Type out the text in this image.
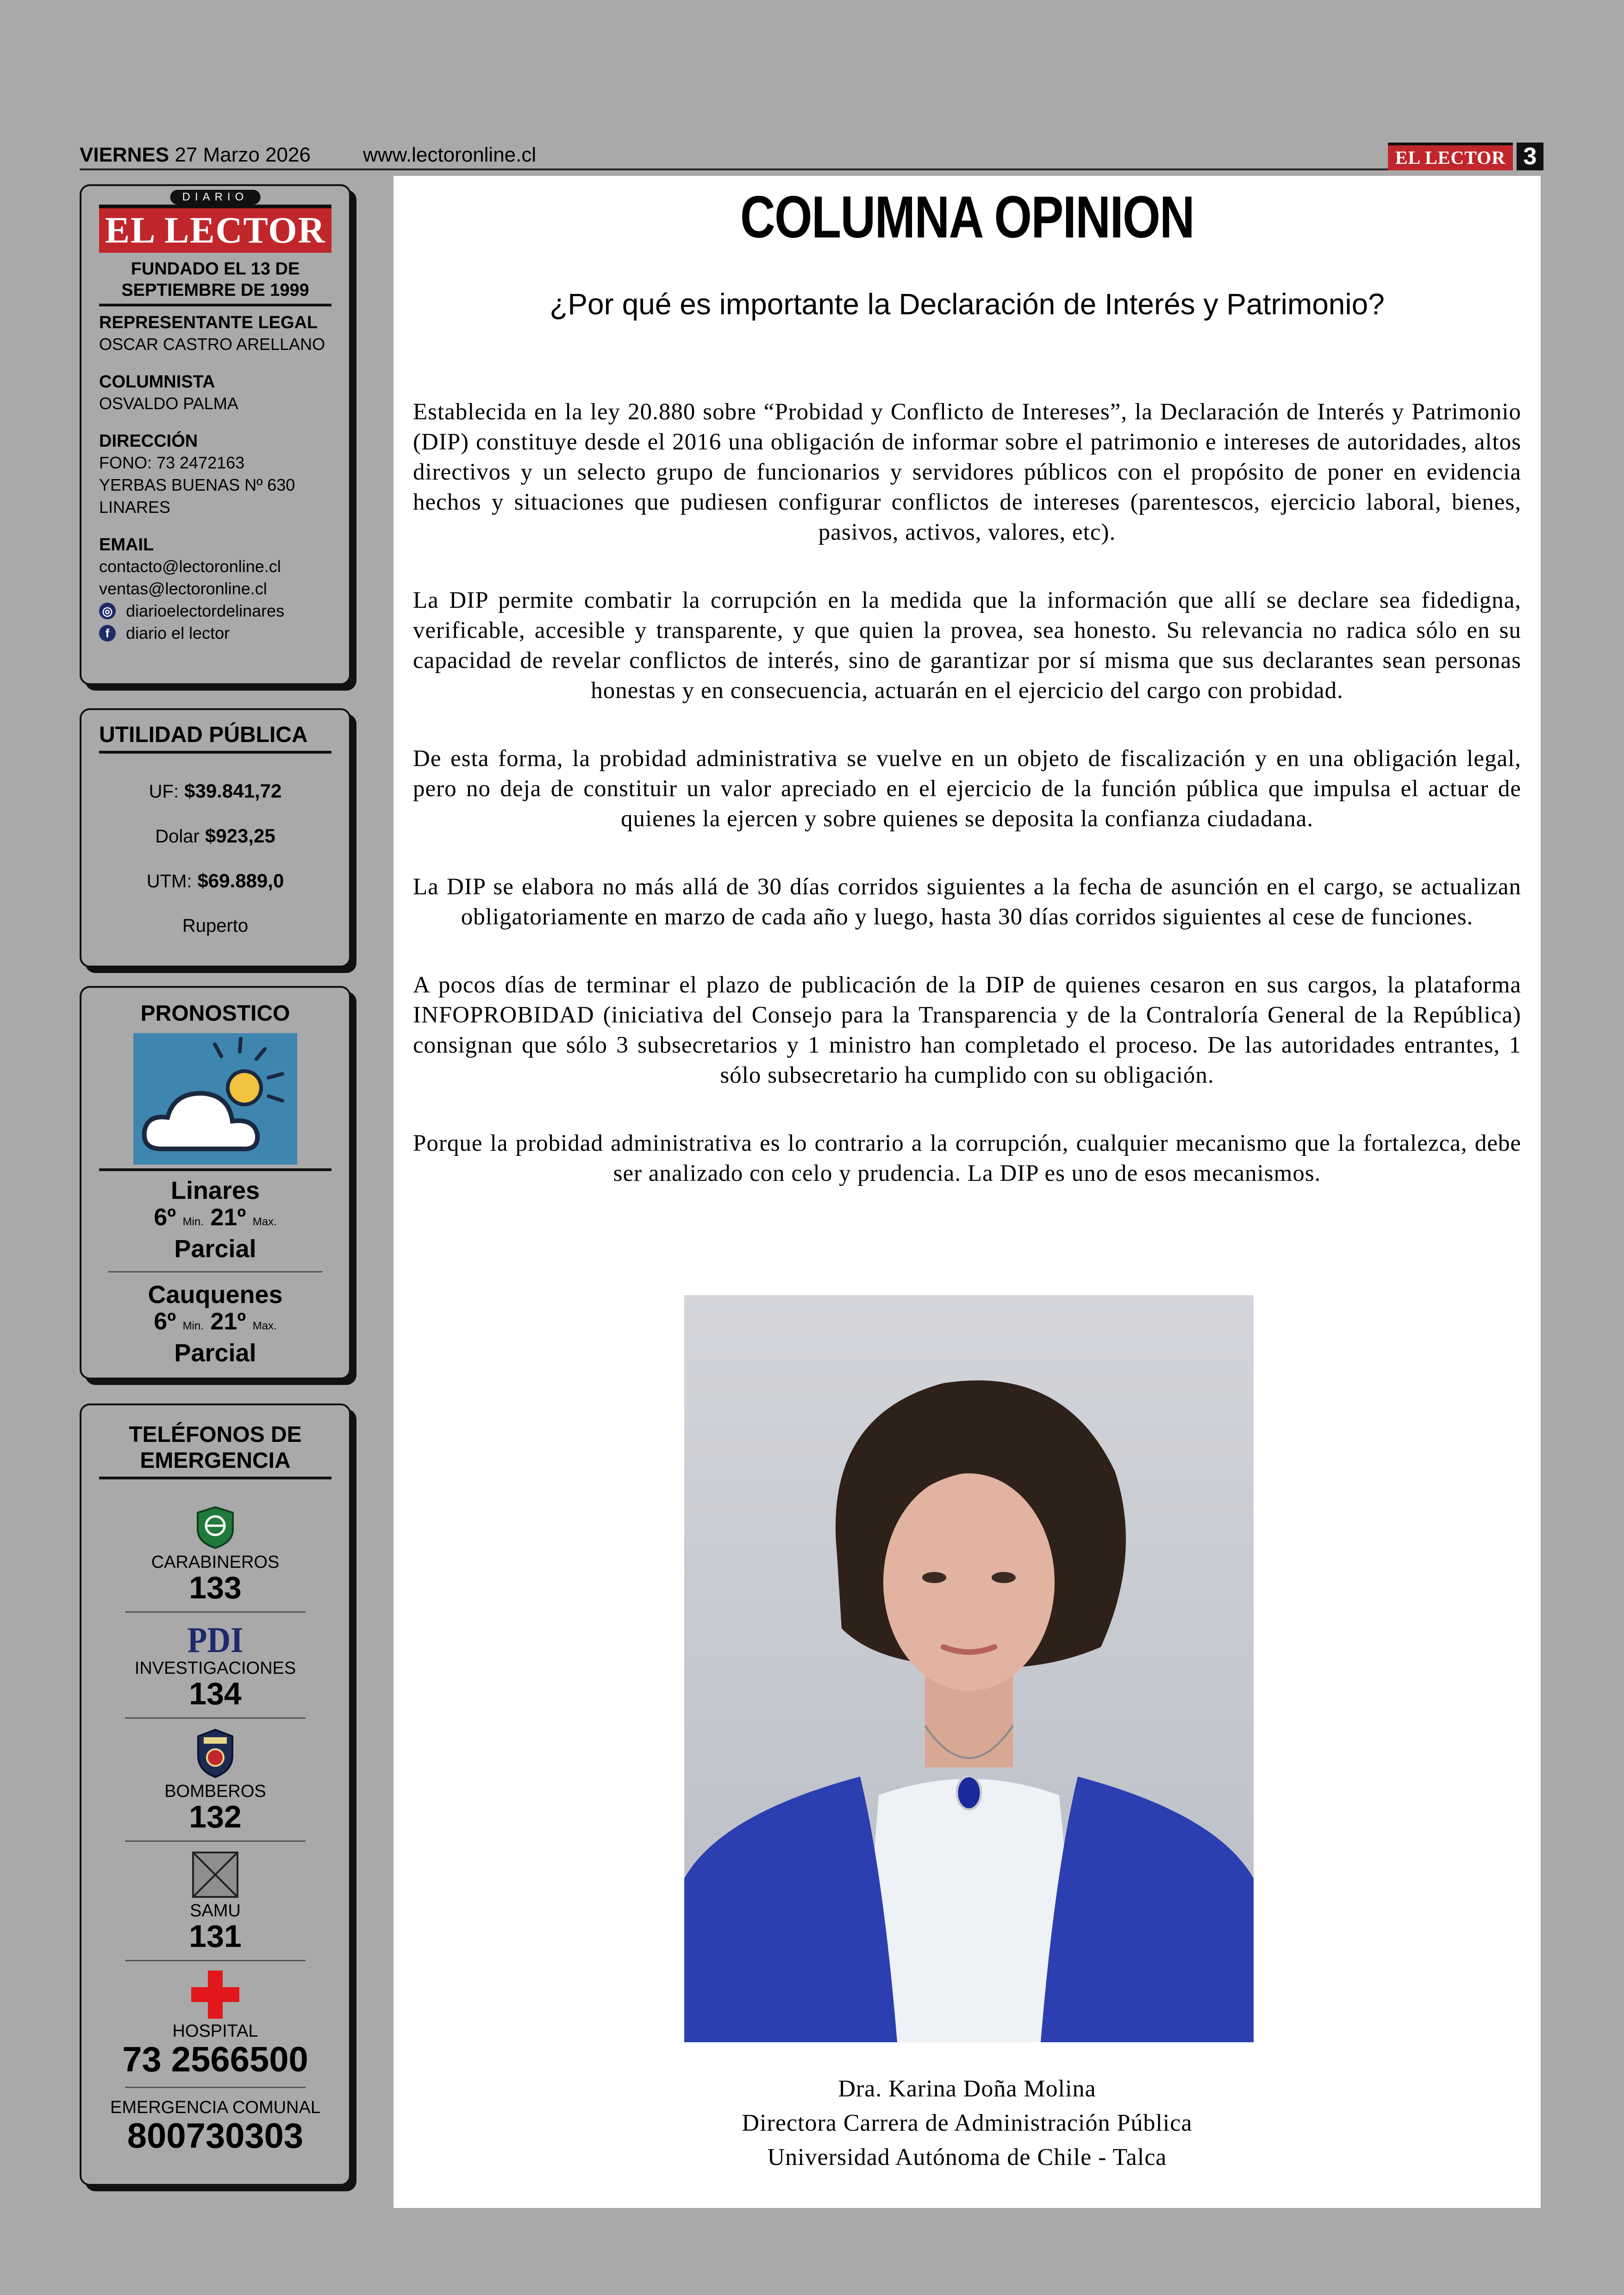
VIERNES 27 Marzo 2026	www.lectoronline.cl	EL LECTOR 3
DIARIO
EL LECTOR
FUNDADO EL 13 DE SEPTIEMBRE DE 1999
REPRESENTANTE LEGAL
OSCAR CASTRO ARELLANO
COLUMNISTA
OSVALDO PALMA
DIRECCIÓN
FONO: 73 2472163
YERBAS BUENAS Nº 630
LINARES
EMAIL
contacto@lectoronline.cl
ventas@lectoronline.cl
◎ diarioelectordelinares
f diario el lector
UTILIDAD PÚBLICA
UF: $39.841,72
Dolar $923,25
UTM: $69.889,0
Ruperto
PRONOSTICO
Linares
6º Min. 21º Max.
Parcial
Cauquenes
6º Min. 21º Max.
Parcial
TELÉFONOS DE EMERGENCIA
CARABINEROS
133
PDI
INVESTIGACIONES
134
BOMBEROS
132
SAMU
131
HOSPITAL
73 2566500
EMERGENCIA COMUNAL
800730303
COLUMNA OPINION
¿Por qué es importante la Declaración de Interés y Patrimonio?

Establecida en la ley 20.880 sobre “Probidad y Conflicto de Intereses”, la Declaración de Interés y Patrimonio (DIP) constituye desde el 2016 una obligación de informar sobre el patrimonio e intereses de autoridades, altos directivos y un selecto grupo de funcionarios y servidores públicos con el propósito de poner en evidencia hechos y situaciones que pudiesen configurar conflictos de intereses (parentescos, ejercicio laboral, bienes, pasivos, activos, valores, etc).

La DIP permite combatir la corrupción en la medida que la información que allí se declare sea fidedigna, verificable, accesible y transparente, y que quien la provea, sea honesto. Su relevancia no radica sólo en su capacidad de revelar conflictos de interés, sino de garantizar por sí misma que sus declarantes sean personas honestas y en consecuencia, actuarán en el ejercicio del cargo con probidad.

De esta forma, la probidad administrativa se vuelve en un objeto de fiscalización y en una obligación legal, pero no deja de constituir un valor apreciado en el ejercicio de la función pública que impulsa el actuar de quienes la ejercen y sobre quienes se deposita la confianza ciudadana.

La DIP se elabora no más allá de 30 días corridos siguientes a la fecha de asunción en el cargo, se actualizan obligatoriamente en marzo de cada año y luego, hasta 30 días corridos siguientes al cese de funciones.

A pocos días de terminar el plazo de publicación de la DIP de quienes cesaron en sus cargos, la plataforma INFOPROBIDAD (iniciativa del Consejo para la Transparencia y de la Contraloría General de la República) consignan que sólo 3 subsecretarios y 1 ministro han completado el proceso. De las autoridades entrantes, 1 sólo subsecretario ha cumplido con su obligación.

Porque la probidad administrativa es lo contrario a la corrupción, cualquier mecanismo que la fortalezca, debe ser analizado con celo y prudencia. La DIP es uno de esos mecanismos.

Dra. Karina Doña Molina
Directora Carrera de Administración Pública
Universidad Autónoma de Chile - Talca
